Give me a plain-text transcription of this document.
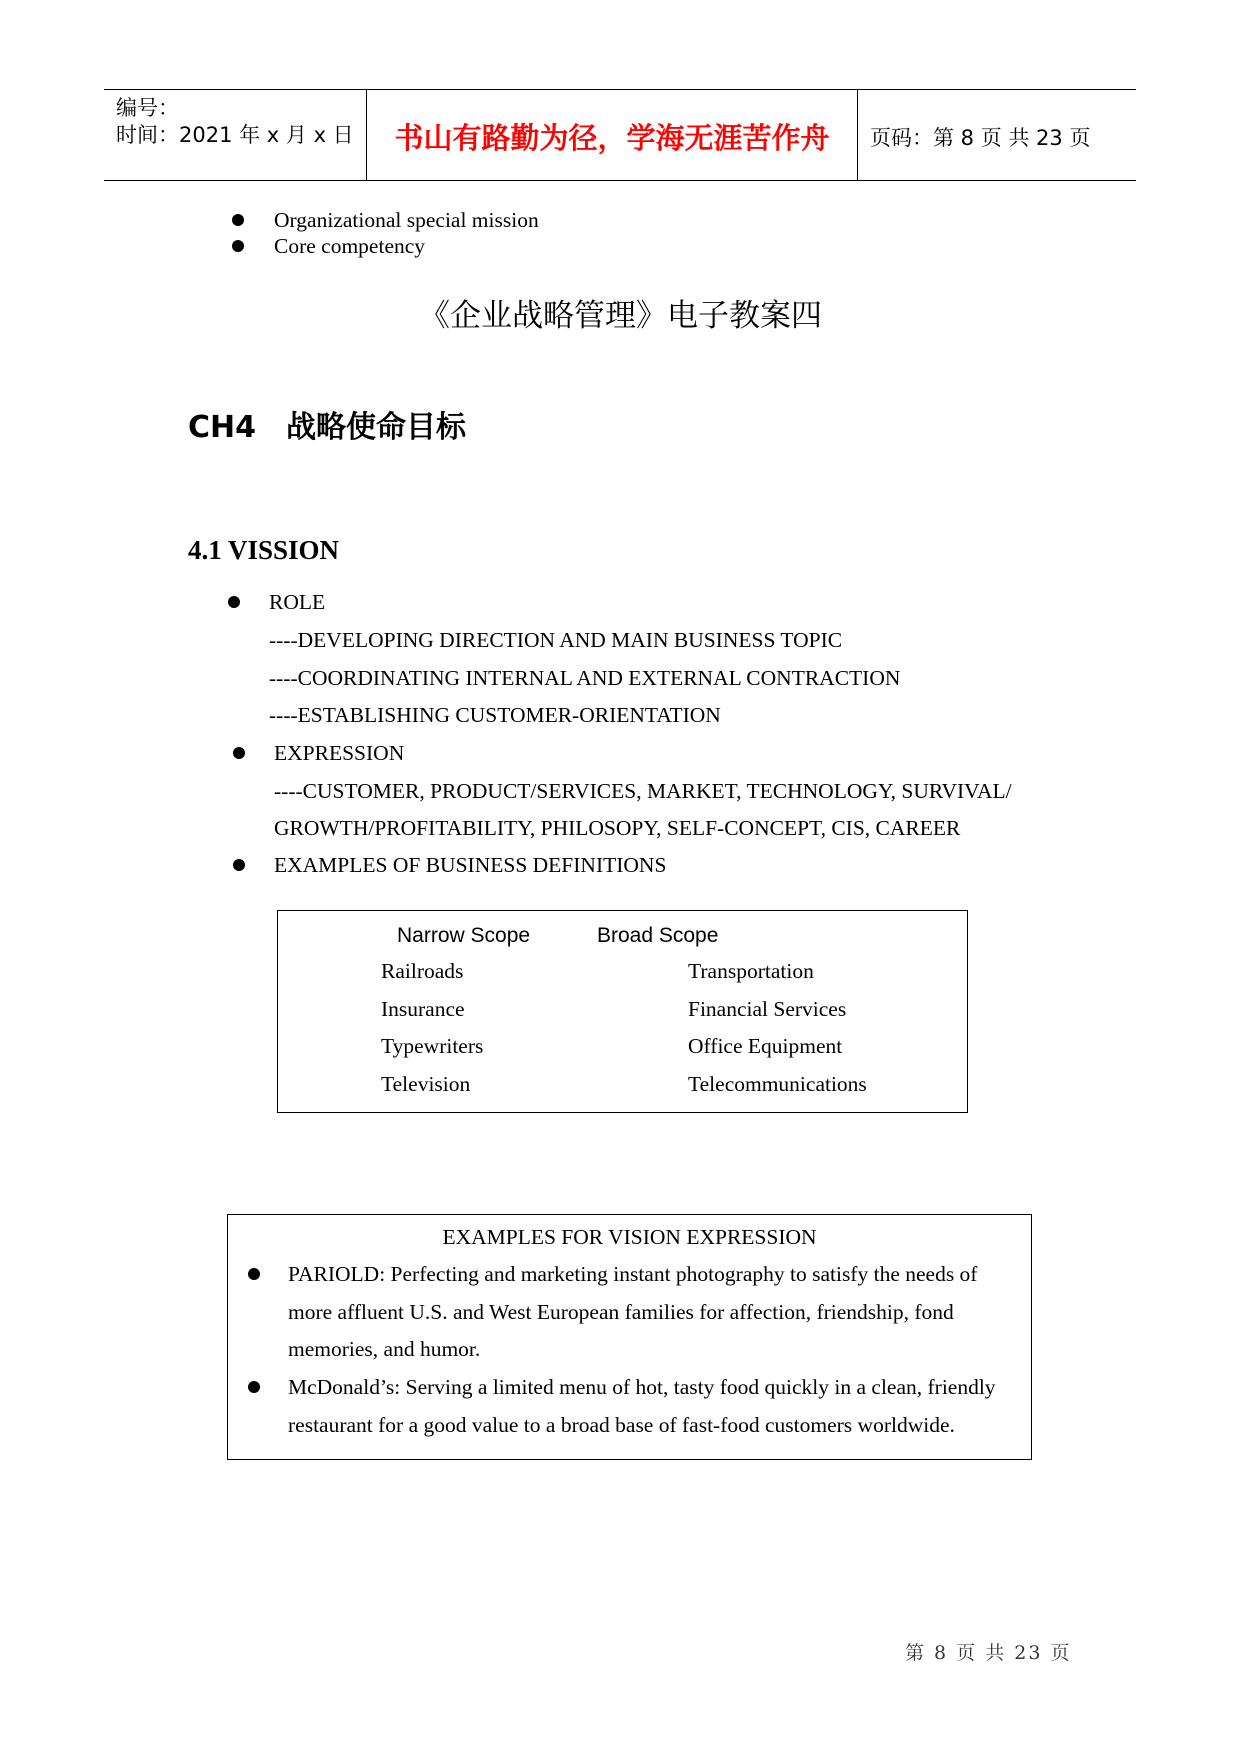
编号：
时间：2021 年 x 月 x 日	书山有路勤为径，学海无涯苦作舟	页码：第 8 页 共 23 页
Organizational special mission
Core competency
《企业战略管理》电子教案四
CH4　战略使命目标
4.1 VISSION
ROLE
----DEVELOPING DIRECTION AND MAIN BUSINESS TOPIC
----COORDINATING INTERNAL AND EXTERNAL CONTRACTION
----ESTABLISHING CUSTOMER-ORIENTATION
EXPRESSION
----CUSTOMER, PRODUCT/SERVICES, MARKET, TECHNOLOGY, SURVIVAL/
GROWTH/PROFITABILITY, PHILOSOPY, SELF-CONCEPT, CIS, CAREER
EXAMPLES OF BUSINESS DEFINITIONS
Narrow Scope	Broad Scope
Railroads	Transportation
Insurance	Financial Services
Typewriters	Office Equipment
Television	Telecommunications
EXAMPLES FOR VISION EXPRESSION
PARIOLD: Perfecting and marketing instant photography to satisfy the needs of
more affluent U.S. and West European families for affection, friendship, fond
memories, and humor.
McDonald’s: Serving a limited menu of hot, tasty food quickly in a clean, friendly
restaurant for a good value to a broad base of fast-food customers worldwide.
第 8 页 共 23 页
